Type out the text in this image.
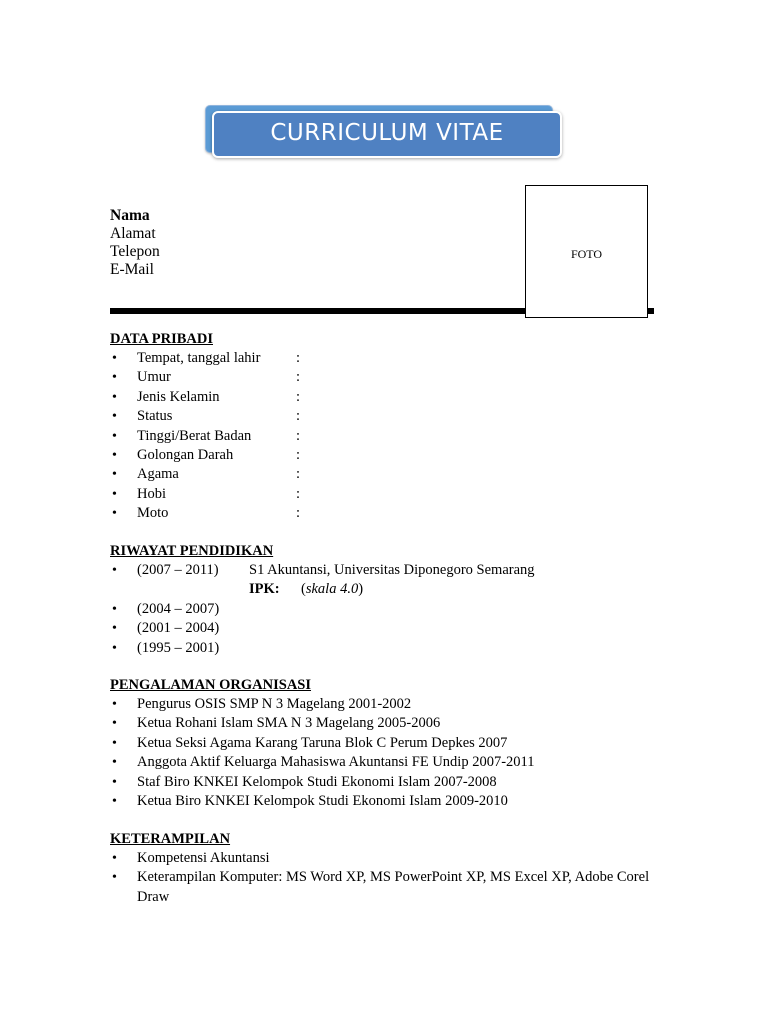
CURRICULUM VITAE
Nama
Alamat
Telepon
E-Mail
FOTO
DATA PRIBADI
• Tempat, tanggal lahir :
• Umur	:
• Jenis Kelamin	:
• Status	:
• Tinggi/Berat Badan	:
• Golongan Darah	:
• Agama	:
• Hobi	:
• Moto	:
RIWAYAT PENDIDIKAN
• (2007 – 2011) S1 Akuntansi, Universitas Diponegoro Semarang
IPK: (skala 4.0)
• (2004 – 2007)
• (2001 – 2004)
• (1995 – 2001)
PENGALAMAN ORGANISASI
• Pengurus OSIS SMP N 3 Magelang 2001-2002
• Ketua Rohani Islam SMA N 3 Magelang 2005-2006
• Ketua Seksi Agama Karang Taruna Blok C Perum Depkes 2007
• Anggota Aktif Keluarga Mahasiswa Akuntansi FE Undip 2007-2011
• Staf Biro KNKEI Kelompok Studi Ekonomi Islam 2007-2008
• Ketua Biro KNKEI Kelompok Studi Ekonomi Islam 2009-2010
KETERAMPILAN
• Kompetensi Akuntansi
• Keterampilan Komputer: MS Word XP, MS PowerPoint XP, MS Excel XP, Adobe Corel Draw
